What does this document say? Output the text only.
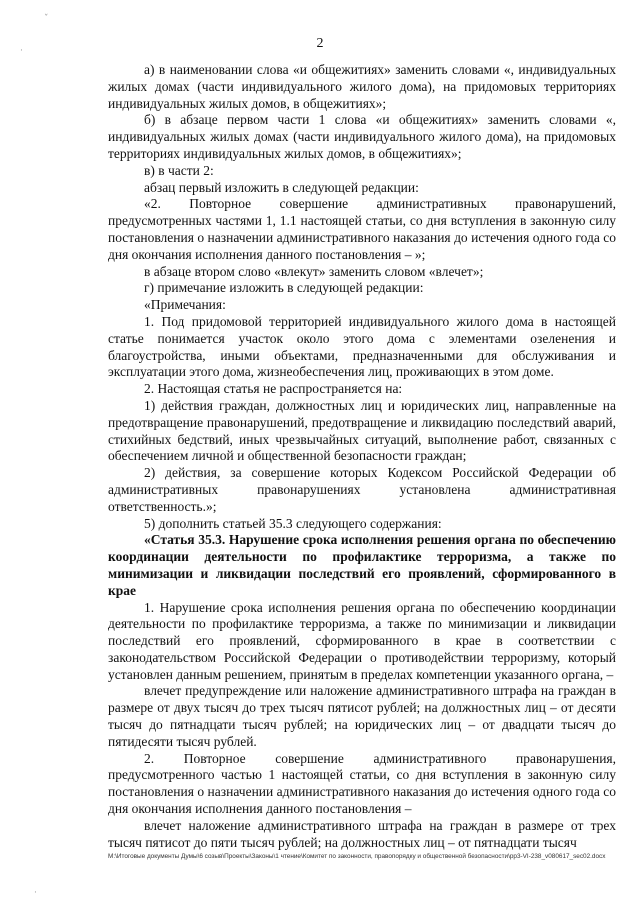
ˇ
·
·
2

а) в наименовании слова «и общежитиях» заменить словами «, индивидуальных жилых домах (части индивидуального жилого дома), на придомовых территориях индивидуальных жилых домов, в общежитиях»;

б) в абзаце первом части 1 слова «и общежитиях» заменить словами «, индивидуальных жилых домах (части индивидуального жилого дома), на придомовых территориях индивидуальных жилых домов, в общежитиях»;

в) в части 2:

абзац первый изложить в следующей редакции:

«2. Повторное совершение административных правонарушений, предусмотренных частями 1, 1.1 настоящей статьи, со дня вступления в законную силу постановления о назначении административного наказания до истечения одного года со дня окончания исполнения данного постановления – »;

в абзаце втором слово «влекут» заменить словом «влечет»;

г) примечание изложить в следующей редакции:

«Примечания:

1. Под придомовой территорией индивидуального жилого дома в настоящей статье понимается участок около этого дома с элементами озеленения и благоустройства, иными объектами, предназначенными для обслуживания и эксплуатации этого дома, жизнеобеспечения лиц, проживающих в этом доме.

2. Настоящая статья не распространяется на:

1) действия граждан, должностных лиц и юридических лиц, направленные на предотвращение правонарушений, предотвращение и ликвидацию последствий аварий, стихийных бедствий, иных чрезвычайных ситуаций, выполнение работ, связанных с обеспечением личной и общественной безопасности граждан;

2) действия, за совершение которых Кодексом Российской Федерации об административных правонарушениях установлена административная ответственность.»;

5) дополнить статьей 35.3 следующего содержания:

«Статья 35.3. Нарушение срока исполнения решения органа по обеспечению координации деятельности по профилактике терроризма, а также по минимизации и ликвидации последствий его проявлений, сформированного в крае

1. Нарушение срока исполнения решения органа по обеспечению координации деятельности по профилактике терроризма, а также по минимизации и ликвидации последствий его проявлений, сформированного в крае в соответствии с законодательством Российской Федерации о противодействии терроризму, который установлен данным решением, принятым в пределах компетенции указанного органа, –

влечет предупреждение или наложение административного штрафа на граждан в размере от двух тысяч до трех тысяч пятисот рублей; на должностных лиц – от десяти тысяч до пятнадцати тысяч рублей; на юридических лиц – от двадцати тысяч до пятидесяти тысяч рублей.

2. Повторное совершение административного правонарушения, предусмотренного частью 1 настоящей статьи, со дня вступления в законную силу постановления о назначении административного наказания до истечения одного года со дня окончания исполнения данного постановления –

влечет наложение административного штрафа на граждан в размере от трех тысяч пятисот до пяти тысяч рублей; на должностных лиц – от пятнадцати тысяч

M:\Итоговые документы Думы\6 созыв\Проекты\Законы\1 чтение\Комитет по законности, правопорядку и общественной безопасности\pp3-VI-238_v080617_sec02.docx
